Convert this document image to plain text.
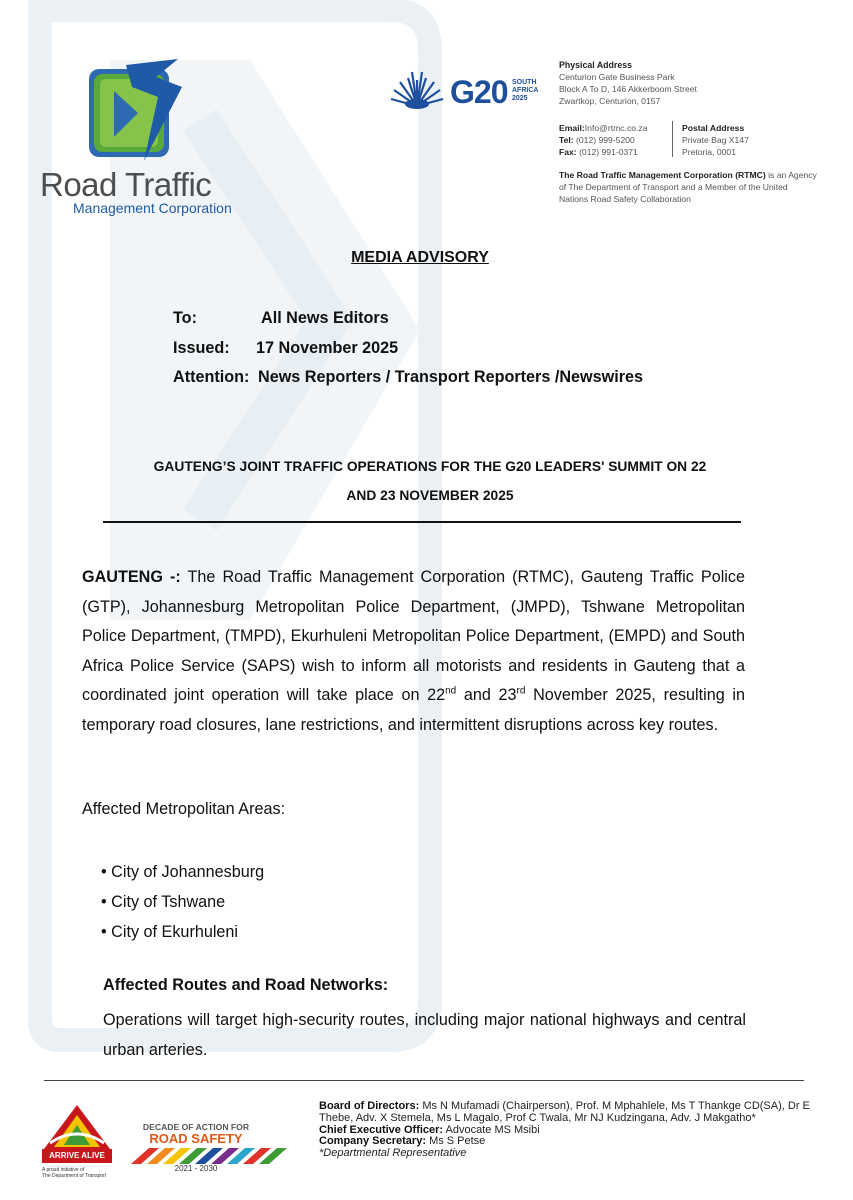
Road Traffic
Management Corporation
G20 SOUTH
AFRICA
2025
Physical Address
Centurion Gate Business Park
Block A To D, 146 Akkerboom Street
Zwartkop, Centurion, 0157
Email:Info@rtmc.co.za
Tel: (012) 999-5200
Fax: (012) 991-0371
Postal Address
Private Bag X147
Pretoria, 0001
The Road Traffic Management Corporation (RTMC) is an Agency of The Department of Transport and a Member of the United Nations Road Safety Collaboration
MEDIA ADVISORY
To:	All News Editors
Issued: 17 November 2025
Attention: News Reporters / Transport Reporters /Newswires
GAUTENG’S JOINT TRAFFIC OPERATIONS FOR THE G20 LEADERS' SUMMIT ON 22
AND 23 NOVEMBER 2025
GAUTENG -: The Road Traffic Management Corporation (RTMC), Gauteng Traffic Police (GTP), Johannesburg Metropolitan Police Department, (JMPD), Tshwane Metropolitan Police Department, (TMPD), Ekurhuleni Metropolitan Police Department, (EMPD) and South Africa Police Service (SAPS) wish to inform all motorists and residents in Gauteng that a coordinated joint operation will take place on 22nd and 23rd November 2025, resulting in temporary road closures, lane restrictions, and intermittent disruptions across key routes.
Affected Metropolitan Areas:
• City of Johannesburg
• City of Tshwane
• City of Ekurhuleni
Affected Routes and Road Networks:
Operations will target high-security routes, including major national highways and central urban arteries.
ARRIVE ALIVE
A proud initiative of
The Department of Transport
DECADE OF ACTION FOR
ROAD SAFETY
2021 - 2030
Board of Directors: Ms N Mufamadi (Chairperson), Prof. M Mphahlele, Ms T Thankge CD(SA), Dr E Thebe, Adv. X Stemela, Ms L Magalo, Prof C Twala, Mr NJ Kudzingana, Adv. J Makgatho*
Chief Executive Officer: Advocate MS Msibi
Company Secretary: Ms S Petse
*Departmental Representative
